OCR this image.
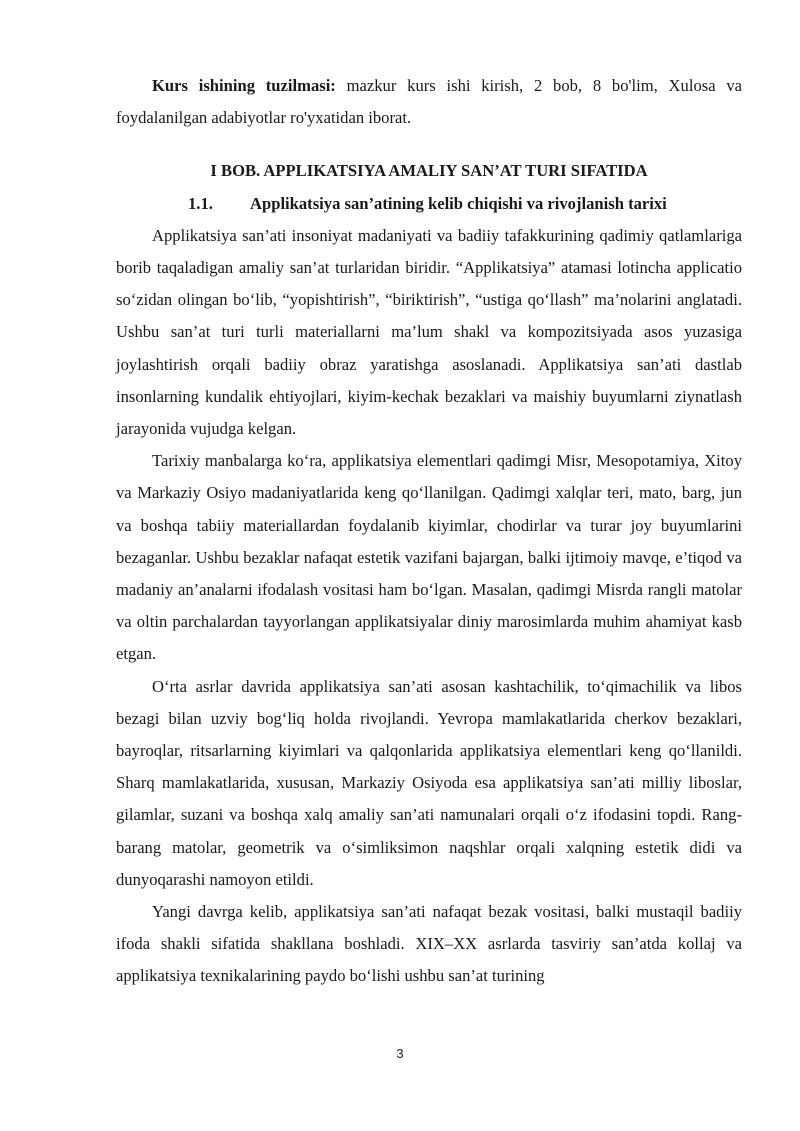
Kurs ishining tuzilmasi: mazkur kurs ishi kirish, 2 bob, 8 bo'lim, Xulosa va foydalanilgan adabiyotlar ro'yxatidan iborat.

I BOB. APPLIKATSIYA AMALIY SAN’AT TURI SIFATIDA
1.1. Applikatsiya san’atining kelib chiqishi va rivojlanish tarixi

Applikatsiya san’ati insoniyat madaniyati va badiiy tafakkurining qadimiy qatlamlariga borib taqaladigan amaliy san’at turlaridan biridir. “Applikatsiya” atamasi lotincha applicatio so‘zidan olingan bo‘lib, “yopishtirish”, “biriktirish”, “ustiga qo‘llash” ma’nolarini anglatadi. Ushbu san’at turi turli materiallarni ma’lum shakl va kompozitsiyada asos yuzasiga joylashtirish orqali badiiy obraz yaratishga asoslanadi. Applikatsiya san’ati dastlab insonlarning kundalik ehtiyojlari, kiyim-kechak bezaklari va maishiy buyumlarni ziynatlash jarayonida vujudga kelgan.

Tarixiy manbalarga ko‘ra, applikatsiya elementlari qadimgi Misr, Mesopotamiya, Xitoy va Markaziy Osiyo madaniyatlarida keng qo‘llanilgan. Qadimgi xalqlar teri, mato, barg, jun va boshqa tabiiy materiallardan foydalanib kiyimlar, chodirlar va turar joy buyumlarini bezaganlar. Ushbu bezaklar nafaqat estetik vazifani bajargan, balki ijtimoiy mavqe, e’tiqod va madaniy an’analarni ifodalash vositasi ham bo‘lgan. Masalan, qadimgi Misrda rangli matolar va oltin parchalardan tayyorlangan applikatsiyalar diniy marosimlarda muhim ahamiyat kasb etgan.

O‘rta asrlar davrida applikatsiya san’ati asosan kashtachilik, to‘qimachilik va libos bezagi bilan uzviy bog‘liq holda rivojlandi. Yevropa mamlakatlarida cherkov bezaklari, bayroqlar, ritsarlarning kiyimlari va qalqonlarida applikatsiya elementlari keng qo‘llanildi. Sharq mamlakatlarida, xususan, Markaziy Osiyoda esa applikatsiya san’ati milliy liboslar, gilamlar, suzani va boshqa xalq amaliy san’ati namunalari orqali o‘z ifodasini topdi. Rang-barang matolar, geometrik va o‘simliksimon naqshlar orqali xalqning estetik didi va dunyoqarashi namoyon etildi.

Yangi davrga kelib, applikatsiya san’ati nafaqat bezak vositasi, balki mustaqil badiiy ifoda shakli sifatida shakllana boshladi. XIX–XX asrlarda tasviriy san’atda kollaj va applikatsiya texnikalarining paydo bo‘lishi ushbu san’at turining

3
